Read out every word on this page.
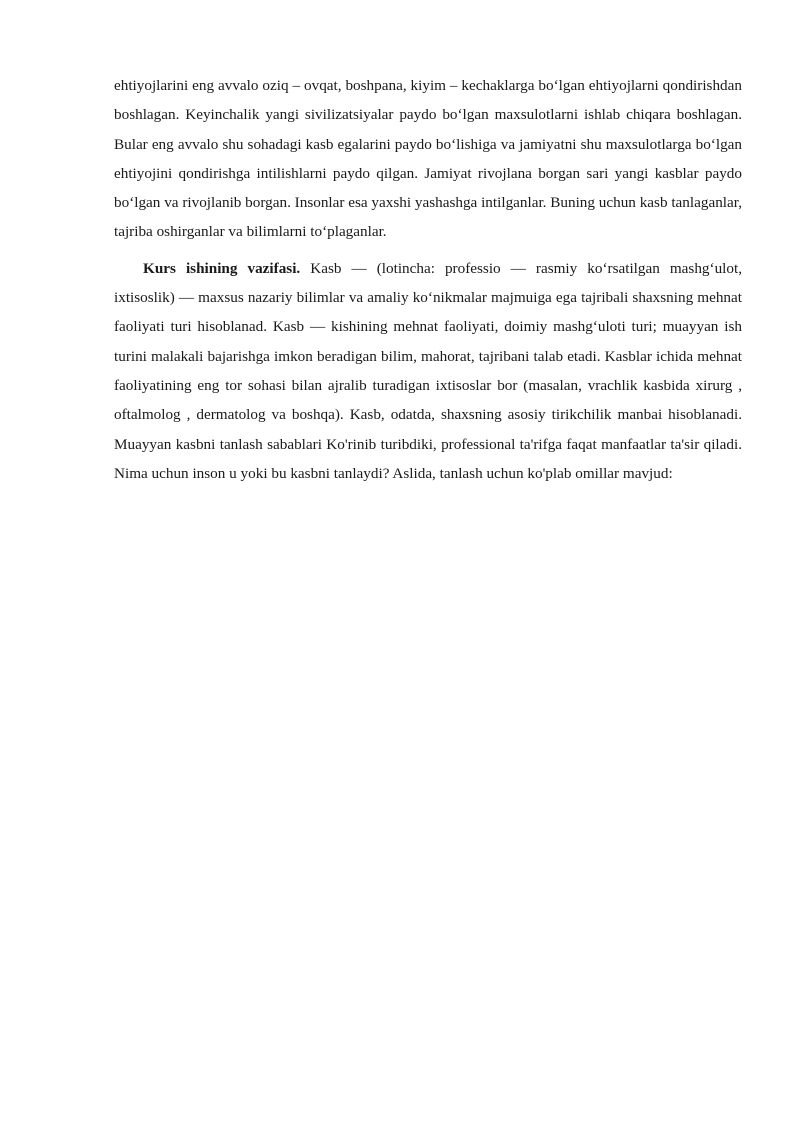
ehtiyojlarini eng avvalo oziq – ovqat, boshpana, kiyim – kechaklarga bo‘lgan ehtiyojlarni qondirishdan boshlagan. Keyinchalik yangi sivilizatsiyalar paydo bo‘lgan maxsulotlarni ishlab chiqara boshlagan. Bular eng avvalo shu sohadagi kasb egalarini paydo bo‘lishiga va jamiyatni shu maxsulotlarga bo‘lgan ehtiyojini qondirishga intilishlarni paydo qilgan. Jamiyat rivojlana borgan sari yangi kasblar paydo bo‘lgan va rivojlanib borgan. Insonlar esa yaxshi yashashga intilganlar. Buning uchun kasb tanlaganlar, tajriba oshirganlar va bilimlarni to‘plaganlar.

Kurs ishining vazifasi. Kasb — (lotincha: professio — rasmiy ko‘rsatilgan mashg‘ulot, ixtisoslik) — maxsus nazariy bilimlar va amaliy ko‘nikmalar majmuiga ega tajribali shaxsning mehnat faoliyati turi hisoblanad. Kasb — kishining mehnat faoliyati, doimiy mashg‘uloti turi; muayyan ish turini malakali bajarishga imkon beradigan bilim, mahorat, tajribani talab etadi. Kasblar ichida mehnat faoliyatining eng tor sohasi bilan ajralib turadigan ixtisoslar bor (masalan, vrachlik kasbida xirurg , oftalmolog , dermatolog va boshqa). Kasb, odatda, shaxsning asosiy tirikchilik manbai hisoblanadi. Muayyan kasbni tanlash sabablari Ko'rinib turibdiki, professional ta'rifga faqat manfaatlar ta'sir qiladi. Nima uchun inson u yoki bu kasbni tanlaydi? Aslida, tanlash uchun ko'plab omillar mavjud:
